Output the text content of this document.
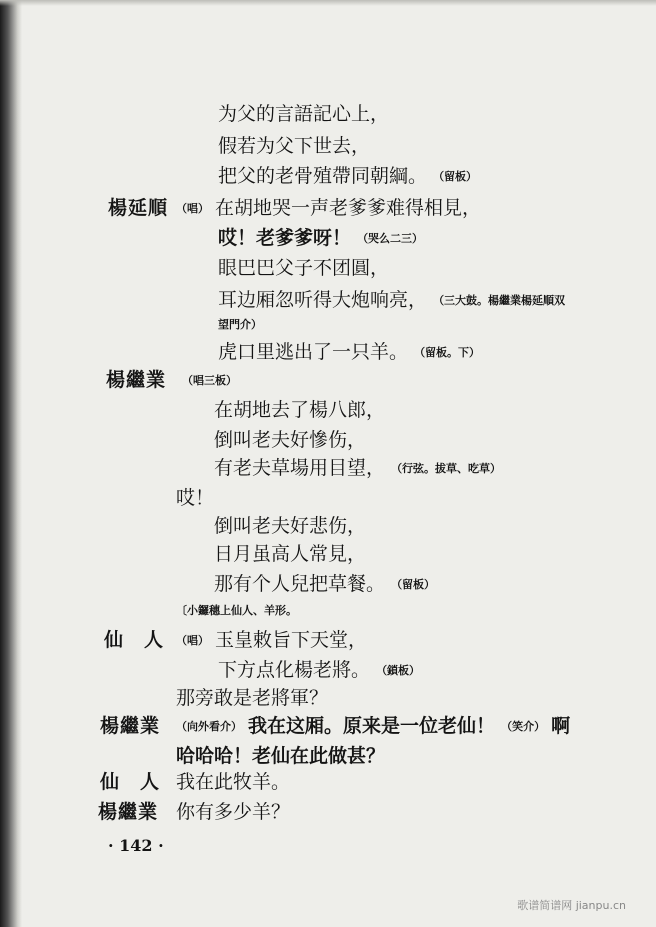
为父的言語記心上，
假若为父下世去，
把父的老骨殖帶同朝綱。 （留板）
楊延順 （唱） 在胡地哭一声老爹爹难得相見，
哎！老爹爹呀！ （哭么二三）
眼巴巴父子不团圓，
耳边厢忽听得大炮响亮， （三大鼓。楊繼業楊延順双
望門介）
虎口里逃出了一只羊。 （留板。下）
楊繼業 （唱三板）
在胡地去了楊八郎，
倒叫老夫好慘伤，
有老夫草場用目望， （行弦。拔草、吃草）
哎！
倒叫老夫好悲伤，
日月虽高人常見，
那有个人兒把草餐。 （留板）
〔小鑼穗上仙人、羊形。
仙　人 （唱） 玉皇敕旨下天堂，
下方点化楊老將。 （鎖板）
那旁敢是老將軍？
楊繼業 （向外看介） 我在这厢。原来是一位老仙！ （笑介） 啊
哈哈哈！老仙在此做甚？
仙　人 我在此牧羊。
楊繼業 你有多少羊？
· 142 ·
歌谱简谱网 jianpu.cn
